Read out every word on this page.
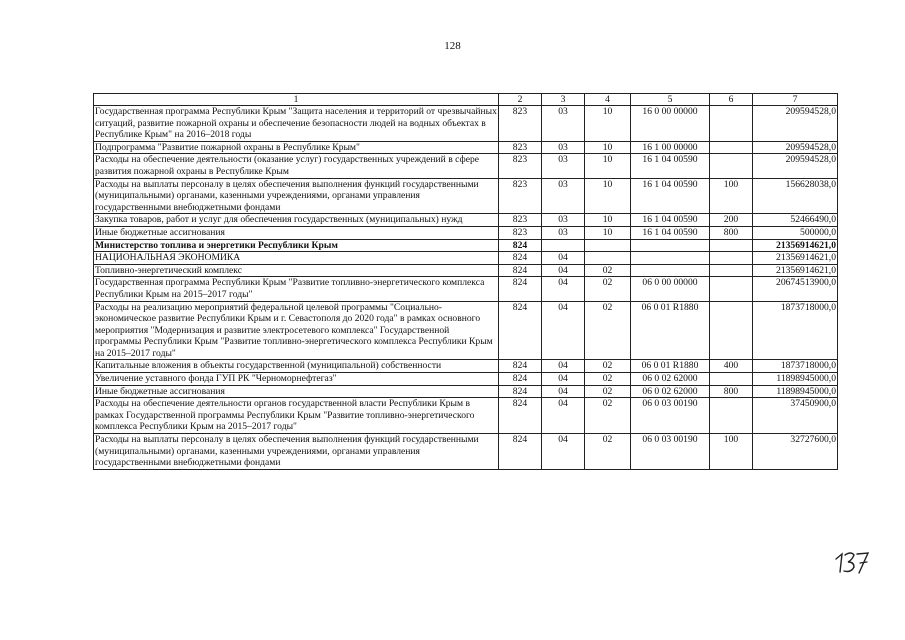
128
1	2	3	4	5	6	7
Государственная программа Республики Крым "Защита населения и территорий от чрезвычайных ситуаций, развитие пожарной охраны и обеспечение безопасности людей на водных объектах в Республике Крым" на 2016–2018 годы	823	03	10	16 0 00 00000		209594528,0
Подпрограмма "Развитие пожарной охраны в Республике Крым"	823	03	10	16 1 00 00000		209594528,0
Расходы на обеспечение деятельности (оказание услуг) государственных учреждений в сфере развития пожарной охраны в Республике Крым	823	03	10	16 1 04 00590		209594528,0
Расходы на выплаты персоналу в целях обеспечения выполнения функций государственными (муниципальными) органами, казенными учреждениями, органами управления государственными внебюджетными фондами	823	03	10	16 1 04 00590	100	156628038,0
Закупка товаров, работ и услуг для обеспечения государственных (муниципальных) нужд	823	03	10	16 1 04 00590	200	52466490,0
Иные бюджетные ассигнования	823	03	10	16 1 04 00590	800	500000,0
Министерство топлива и энергетики Республики Крым	824					21356914621,0
НАЦИОНАЛЬНАЯ ЭКОНОМИКА	824	04				21356914621,0
Топливно-энергетический комплекс	824	04	02			21356914621,0
Государственная программа Республики Крым "Развитие топливно-энергетического комплекса Республики Крым на 2015–2017 годы"	824	04	02	06 0 00 00000		20674513900,0
Расходы на реализацию мероприятий федеральной целевой программы "Социально-экономическое развитие Республики Крым и г. Севастополя до 2020 года" в рамках основного мероприятия "Модернизация и развитие электросетевого комплекса" Государственной программы Республики Крым "Развитие топливно-энергетического комплекса Республики Крым на 2015–2017 годы"	824	04	02	06 0 01 R1880		1873718000,0
Капитальные вложения в объекты государственной (муниципальной) собственности	824	04	02	06 0 01 R1880	400	1873718000,0
Увеличение уставного фонда ГУП РК "Черноморнефтегаз"	824	04	02	06 0 02 62000		11898945000,0
Иные бюджетные ассигнования	824	04	02	06 0 02 62000	800	11898945000,0
Расходы на обеспечение деятельности органов государственной власти Республики Крым в рамках Государственной программы Республики Крым "Развитие топливно-энергетического комплекса Республики Крым на 2015–2017 годы"	824	04	02	06 0 03 00190		37450900,0
Расходы на выплаты персоналу в целях обеспечения выполнения функций государственными (муниципальными) органами, казенными учреждениями, органами управления государственными внебюджетными фондами	824	04	02	06 0 03 00190	100	32727600,0
